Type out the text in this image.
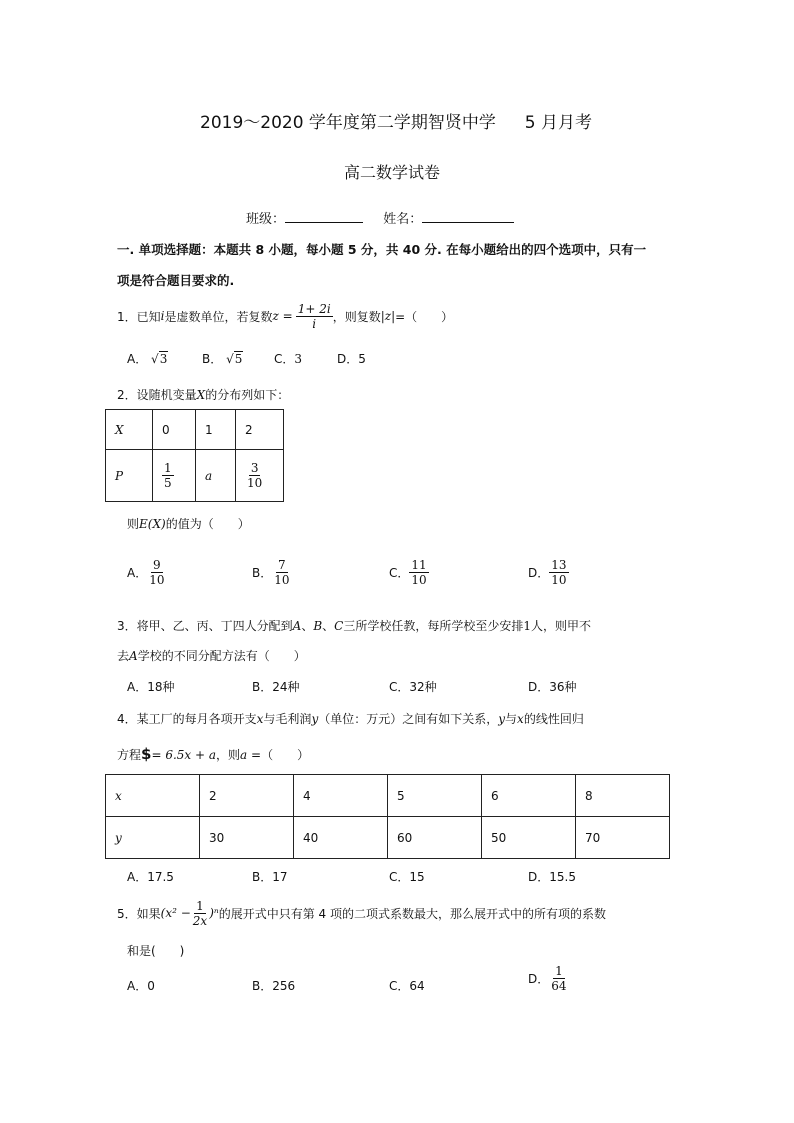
2019～2020 学年度第二学期智贤中学 5 月月考
高二数学试卷
班级：	姓名：
一. 单项选择题：本题共 8 小题，每小题 5 分，共 40 分. 在每小题给出的四个选项中，只有一
项是符合题目要求的.
1．已知 i 是虚数单位，若复数 $z = \frac{1+ 2i}{i}$ ，则复数 |z| =（　　）
A． √3	B． √5	C．3	D．5
2．设随机变量X的分布列如下：
X	0	1	2
P	$\frac{1}{5}$	a	$\frac{3}{10}$
则E(X)的值为（　　）
A． $\frac{9}{10}$	B． $\frac{7}{10}$	C． $\frac{11}{10}$	D． $\frac{13}{10}$
3．将甲、乙、丙、丁四人分配到A、B、C三所学校任教，每所学校至少安排1人，则甲不
去A学校的不同分配方法有（　　）
A．18种	B．24种	C．32种	D．36种
4．某工厂的每月各项开支x与毛利润y（单位：万元）之间有如下关系，y与x的线性回归
方程$= 6.5x + a，则a =（　　）
x	2	4	5	6	8
y	30	40	60	50	70
A．17.5	B．17	C．15	D．15.5
5．如果 $(x^2 - \frac{1}{2x} )^n$ 的展开式中只有第 4 项的二项式系数最大，那么展开式中的所有项的系数
和是(　　)
A．0	B．256	C．64	D． $\frac{1}{64}$
